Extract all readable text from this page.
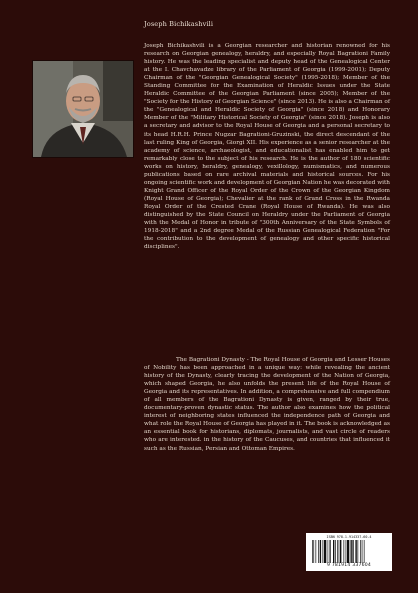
Joseph Bichikashvili

Joseph Bichikashvili is a Georgian researcher and historian renowned for his research on Georgian genealogy, heraldry, and especially Royal Bagrationi Family history. He was the leading specialist and deputy head of the Genealogical Center at the I. Chavchavadze library of the Parliament of Georgia (1999-2001); Deputy Chairman of the "Georgian Genealogical Society" (1995-2018); Member of the Standing Committee for the Examination of Heraldic Issues under the State Heraldic Committee of the Georgian Parliament (since 2005); Member of the "Society for the History of Georgian Science" (since 2013). He is also a Chairman of the "Genealogical and Heraldic Society of Georgia" (since 2018) and Honorary Member of the "Military Historical Society of Georgia" (since 2018). Joseph is also a secretary and advisor to the Royal House of Georgia and a personal secretary to its head H.R.H. Prince Nugzar Bagrationi-Gruzinski, the direct descendant of the last ruling King of Georgia, Giorgi XII. His experience as a senior researcher at the academy of science, archaeologist, and educationalist has enabled him to get remarkably close to the subject of his research. He is the author of 180 scientific works on history, heraldry, genealogy, vexillology, numismatics, and numerous publications based on rare archival materials and historical sources. For his ongoing scientific work and development of Georgian Nation he was decorated with Knight Grand Officer of the Royal Order of the Crown of the Georgian Kingdom (Royal House of Georgia); Chevalier at the rank of Grand Cross in the Rwanda Royal Order of the Crested Crane (Royal House of Rwanda). He was also distinguished by the State Council on Heraldry under the Parliament of Georgia with the Medal of Honor in tribute of "300th Anniversary of the State Symbols of 1918-2018" and a 2nd degree Medal of the Russian Genealogical Federation "For the contribution to the development of genealogy and other specific historical disciplines".

The Bagrationi Dynasty - The Royal House of Georgia and Lesser Houses of Nobility has been approached in a unique way: while revealing the ancient history of the Dynasty, clearly tracing the development of the Nation of Georgia, which shaped Georgia, he also unfolds the present life of the Royal House of Georgia and its representatives. In addition, a comprehensive and full compendium of all members of the Bagrationi Dynasty is given, ranged by their true, documentary-proven dynastic status. The author also examines how the political interest of neighboring states influenced the independence path of Georgia and what role the Royal House of Georgia has played in it. The book is acknowledged as an essential book for historians, diplomats, journalists, and vast circle of readers who are interested. in the history of the Caucuses, and countries that influenced it such as the Russian, Persian and Ottoman Empires.

ISBN 978-1-914337-60-4
9 781914 337604
